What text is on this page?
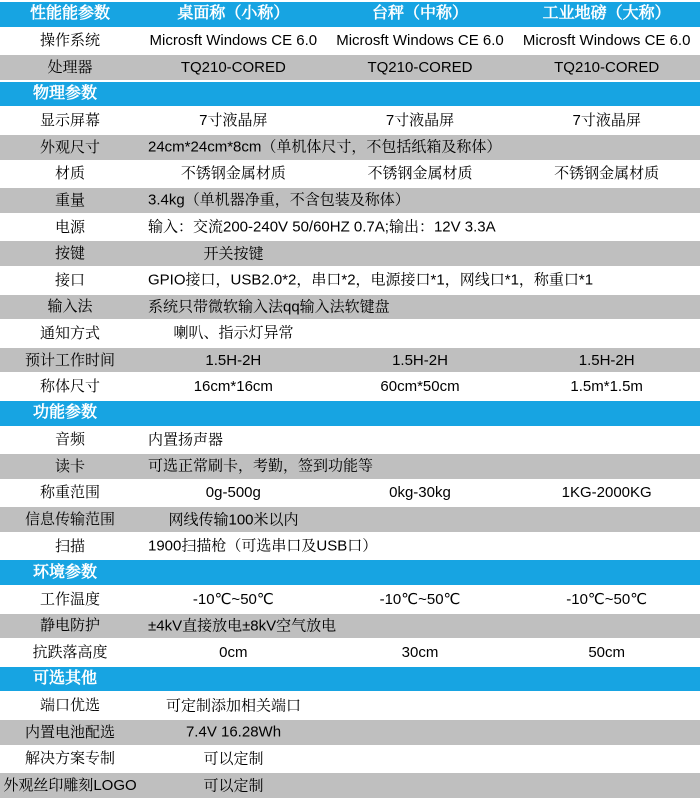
性能能参数	桌面称（小称）	台秤（中称）	工业地磅（大称）
操作系统	Microsft Windows CE 6.0	Microsft Windows CE 6.0	Microsft Windows CE 6.0
处理器	TQ210-CORED	TQ210-CORED	TQ210-CORED
物理参数
显示屏幕	7寸液晶屏	7寸液晶屏	7寸液晶屏
外观尺寸	24cm*24cm*8cm（单机体尺寸，不包括纸箱及称体）
材质	不锈钢金属材质	不锈钢金属材质	不锈钢金属材质
重量	3.4kg（单机器净重，不含包装及称体）
电源	输入：交流200-240V 50/60HZ 0.7A;输出：12V 3.3A
按键	开关按键
接口	GPIO接口，USB2.0*2，串口*2，电源接口*1，网线口*1，称重口*1
输入法	系统只带微软输入法qq输入法软键盘
通知方式	喇叭、指示灯异常
预计工作时间	1.5H-2H	1.5H-2H	1.5H-2H
称体尺寸	16cm*16cm	60cm*50cm	1.5m*1.5m
功能参数
音频	内置扬声器
读卡	可选正常刷卡，考勤，签到功能等
称重范围	0g-500g	0kg-30kg	1KG-2000KG
信息传输范围	网线传输100米以内
扫描	1900扫描枪（可选串口及USB口）
环境参数
工作温度	-10℃~50℃	-10℃~50℃	-10℃~50℃
静电防护	±4kV直接放电±8kV空气放电
抗跌落高度	0cm	30cm	50cm
可选其他
端口优选	可定制添加相关端口
内置电池配选	7.4V 16.28Wh
解决方案专制	可以定制
外观丝印雕刻LOGO	可以定制
